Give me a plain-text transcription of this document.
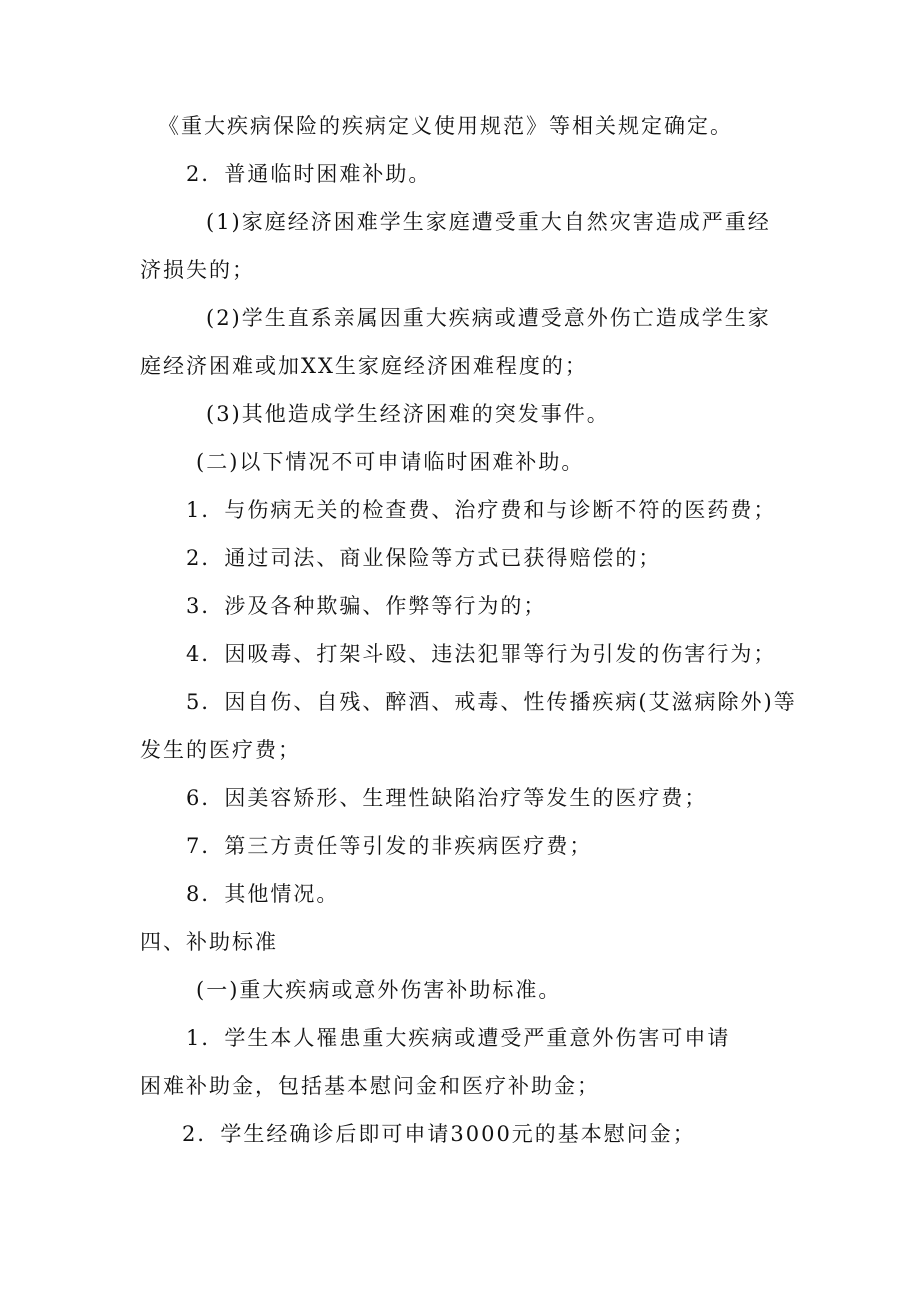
《重大疾病保险的疾病定义使用规范》等相关规定确定。
2．普通临时困难补助。
(1)家庭经济困难学生家庭遭受重大自然灾害造成严重经
济损失的；
(2)学生直系亲属因重大疾病或遭受意外伤亡造成学生家
庭经济困难或加XX生家庭经济困难程度的；
(3)其他造成学生经济困难的突发事件。
(二)以下情况不可申请临时困难补助。
1．与伤病无关的检查费、治疗费和与诊断不符的医药费；
2．通过司法、商业保险等方式已获得赔偿的；
3．涉及各种欺骗、作弊等行为的；
4．因吸毒、打架斗殴、违法犯罪等行为引发的伤害行为；
5．因自伤、自残、醉酒、戒毒、性传播疾病(艾滋病除外)等
发生的医疗费；
6．因美容矫形、生理性缺陷治疗等发生的医疗费；
7．第三方责任等引发的非疾病医疗费；
8．其他情况。
四、补助标准
(一)重大疾病或意外伤害补助标准。
1．学生本人罹患重大疾病或遭受严重意外伤害可申请
困难补助金，包括基本慰问金和医疗补助金；
2．学生经确诊后即可申请3000元的基本慰问金；
